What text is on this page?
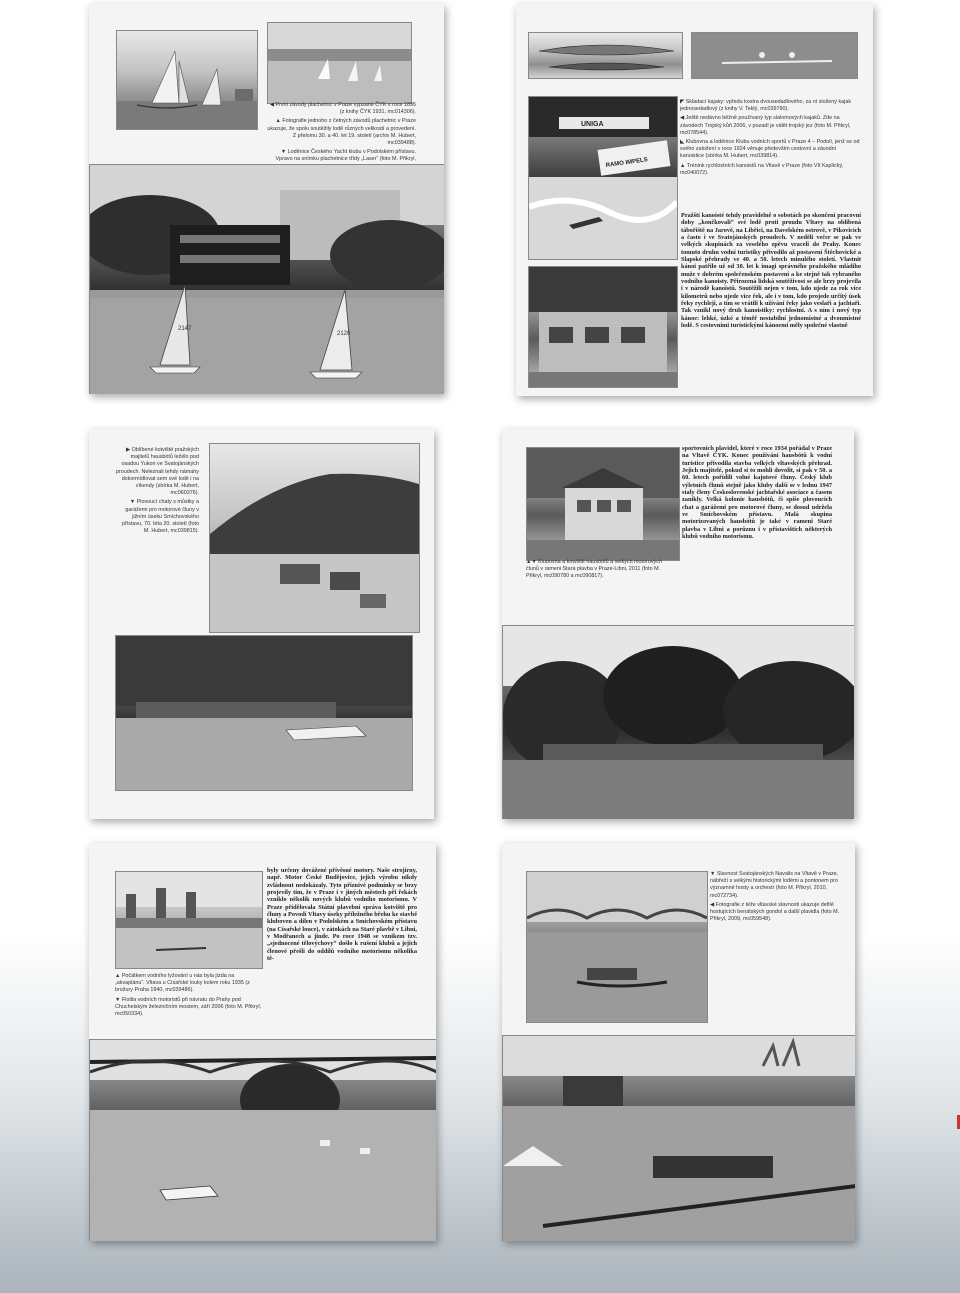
◀ První závody plachetnic v Praze vypsané ČYK v roce 1895 (z knihy ČYK 1931, mc014306).

▲ Fotografie jednoho z četných závodů plachetnic v Praze ukazuje, že spolu soutěžily lodě různých velikostí a provedení. Z přelomu 30. a 40. let 19. století (archiv M. Hubert, mc039488).

▼ Loděnice Českého Yacht klubu v Podolském přístavu. Vpravo na snímku plachetnice třídy „Laser“ (foto M. Přikryl,

2147
2120
UNIGA
RAMO IMPELS

◤ Skládací kajaky: vpředu kostra dvousedadlového, za ní složený kajak jednosedadlový (z knihy V. Teklý, mc039790).

◀ Ještě nedávno běžně používaný typ slalomových kajaků. Zde na závodech Trojský kůň 2006, v pozadí je vidět trojský jez (foto M. Přikryl, mc078544).

◣ Klubovna a loděnice Klubu vodních sportů v Praze 4 – Podolí, jenž se od svého založení v roce 1924 věnuje především cestovní a závodní kanoistice (sbírka M. Hubert, mc039814).

▲ Trénink rychlostních kanoistů na Vltavě v Praze (foto Vít Kaplický, mc040072).

Pražští kanoisté tehdy pravidelně o sobotách po skončení pracovní doby „končkovali“ své lodě proti proudu Vltavy na oblíbená tábořiště na Jarově, na Libřici, na Davelském ostrově, v Pikovicích a často i ve Svatojánských proudech. V neděli večer se pak ve velkých skupinách za veselého zpěvu vraceli do Prahy. Konec tomuto druhu vodní turistiky přivodilo až postavení Štěchovické a Slapské přehrady ve 40. a 50. letech minulého století. Vlastnit kánoi patřilo už od 30. let k imagi správného pražského mládího muže v dobrém společenském postavení a ke stejně tak vybraného vodního kanoisty. Přirozená lidská soutěživost se ale brzy projevila i v národě kanoistů. Soutěžili nejen v tom, kdo ujede za rok více kilometrů nebo ujede více řek, ale i v tom, kdo projede určitý úsek řeky rychleji, a tím se vrátili k užívání řeky jako veslaři a jachtaři. Tak vznikl nový druh kanoistiky: rychlostní. A s ním i nový typ kánoe: lehké, úzké a téměř nestabilní jednomístné a dvoumístné lodě. S cestovními turistickými kánoemi měly společné vlastně

▶ Oblíbené kotviště pražských majitelů hausbótů ležélo pod osadou Yukon ve Svatojánských proudech. Neleznali tehdy námahy dokormídlovat sem své lodě i na víkendy (sbírka M. Hubert, mc060376).

▼ Plovoucí chaty s můstky a garážemi pro motorové čluny v jižním úseku Smíchovského přístavu, 70. léta 20. století (foto M. Hubert, mc039815).

sportovních plavidel, které v roce 1934 pořádal v Praze na Vltavě ČYK. Konec používání hausbótů k vodní turistice přivodila stavba velkých vltavských přehrad. Jejich majitelé, pokud si to mohli dovolit, si pak v 50. a 60. letech pořídili volné kajutové čluny. Český klub výletních člunů stejně jako kluby další se v lednu 1947 staly členy Československé jachtařské asociace a časem zanikly. Velká kolonie hausbótů, či spíše plovoucích chat a garážemi pro motorové čluny, se dosud udržela ve Smíchovském přístavu. Malá skupina motorizovaných hausbótů je také v rameni Staré plavba v Libni a porůznu i v přístavištích některých klubů vodního motorismu.
▲▼ Klubovna a kotviště hausbótů a velkých motorových člunů v rameni Stará plavba v Praze-Libni, 2011 (foto M. Přikryl, mc090780 a mc090817).
byly určeny dovážené přívěsné motory. Naše strojírny, např. Motor České Budějovice, jejich výrobu nikdy zvládnout nedokázaly. Tyto příznivé podmínky se brzy projevily tím, že v Praze i v jiných městech při řekách vzniklo několik nových klubů vodního motorismu. V Praze přidělovala Státní plavební správa kotviště pro čluny a Povodí Vltavy úseky příležného břehu ke stavbě kluboven a dílen v Podolském a Smíchovském přístavu (na Císařské louce), v zátokách na Staré plavbě v Libni, v Modřanech a jinde. Po roce 1948 se vznikem tzv. „sjednocené tělovýchovy“ došlo k rušení klubů a jejich členové přešli do oddílů vodního motorismu několika tě-

▲ Počátkem vodního lyžování u nás byla jízda na „akvaplánu“. Vltava u Císařské louky kolem roku 1935 (z brožury Praha 1940, mc039486).

▼ Flotila vodních motoristů při návratu do Prahy pod Chuchelským železničním mostem, září 2006 (foto M. Přikryl, mc050334).

▼ Slavnost Svatojánských Navalis na Vltavě v Praze, nábřeží s velkými historickými loděmi a pontonem pro významné hosty a orchestr (foto M. Přikryl, 2010, mc072734).

◀ Fotografie z téže vltavské slavnosti ukazuje defilé hostujících benátských gondol a další plavidla (foto M. Přikryl, 2009, mc059548).
